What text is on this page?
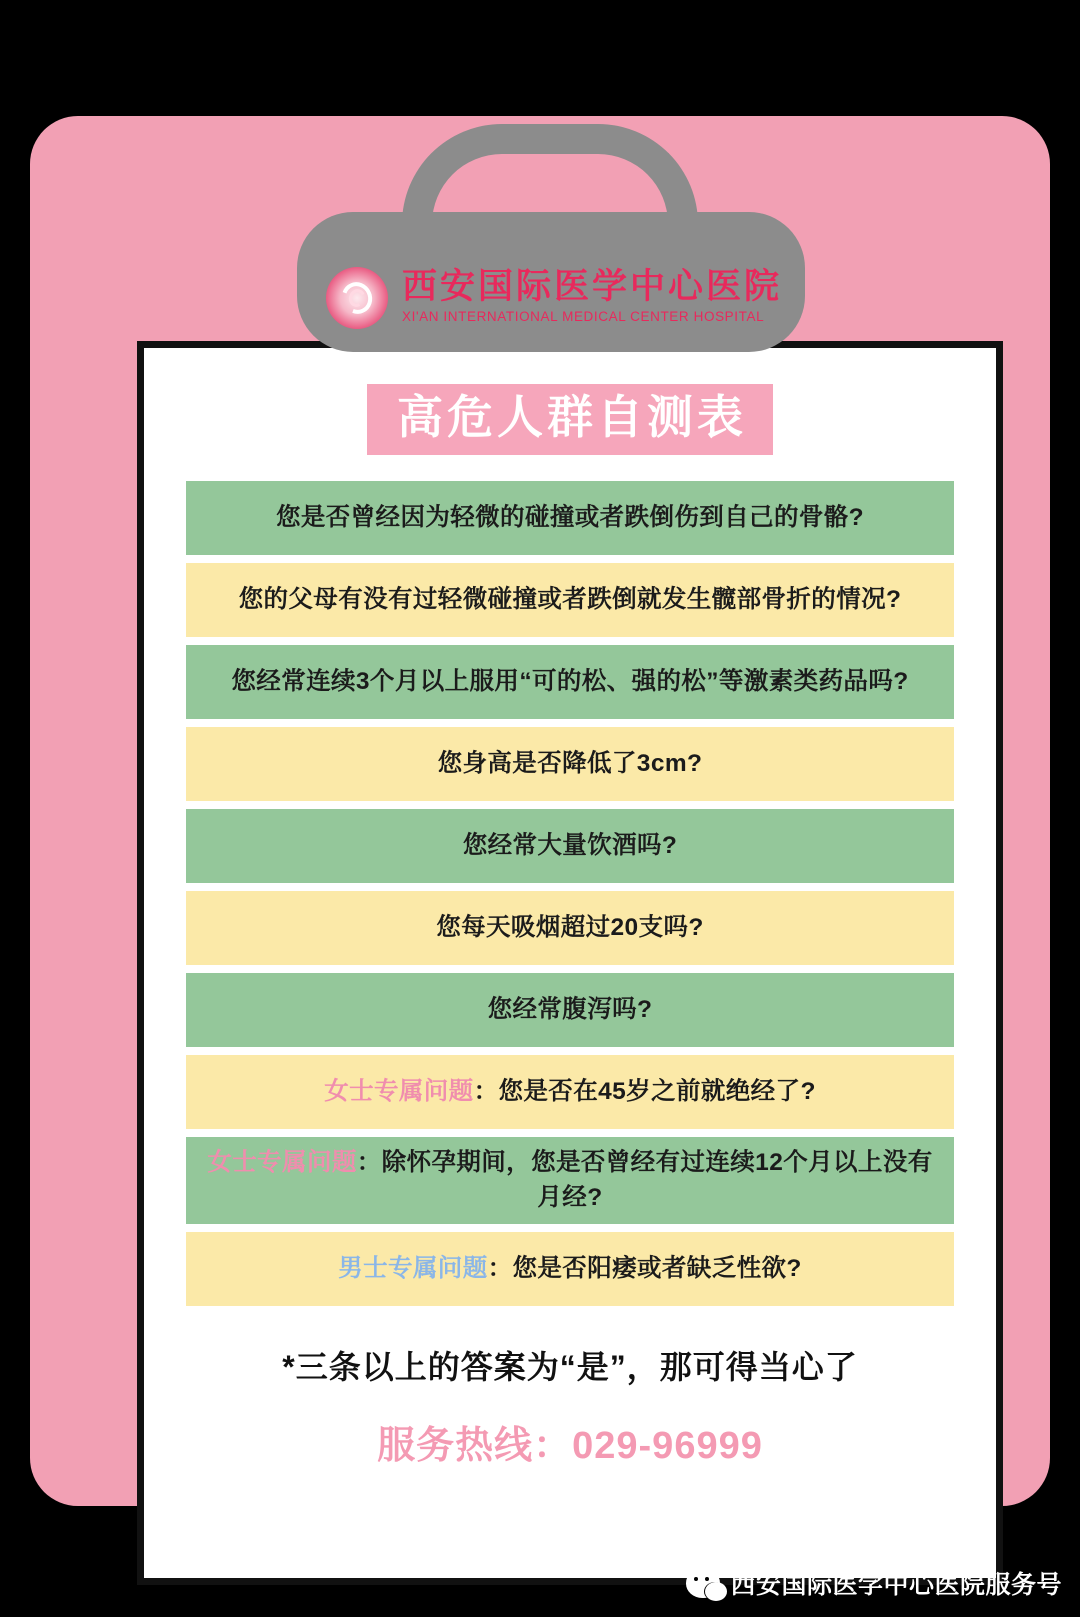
西安国际医学中心医院
XI'AN INTERNATIONAL MEDICAL CENTER HOSPITAL
高危人群自测表
您是否曾经因为轻微的碰撞或者跌倒伤到自己的骨骼?
您的父母有没有过轻微碰撞或者跌倒就发生髋部骨折的情况?
您经常连续3个月以上服用“可的松、强的松”等激素类药品吗?
您身高是否降低了3cm?
您经常大量饮酒吗?
您每天吸烟超过20支吗?
您经常腹泻吗?
女士专属问题 ：您是否在45岁之前就绝经了?
女士专属问题：除怀孕期间，您是否曾经有过连续12个月以上没有月经?
男士专属问题 ：您是否阳痿或者缺乏性欲?
*三条以上的答案为“是”，那可得当心了
服务热线：029-96999
西安国际医学中心医院服务号
